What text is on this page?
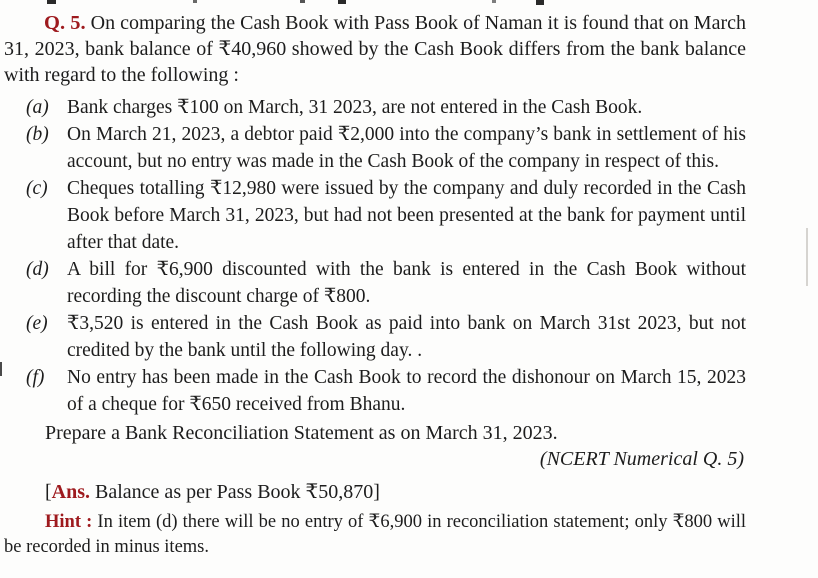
Q. 5. On comparing the Cash Book with Pass Book of Naman it is found that on March 31, 2023, bank balance of ₹40,960 showed by the Cash Book differs from the bank balance with regard to the following :

(a) Bank charges ₹100 on March, 31 2023, are not entered in the Cash Book.
(b) On March 21, 2023, a debtor paid ₹2,000 into the company’s bank in settlement of his account, but no entry was made in the Cash Book of the company in respect of this.
(c) Cheques totalling ₹12,980 were issued by the company and duly recorded in the Cash Book before March 31, 2023, but had not been presented at the bank for payment until after that date.
(d) A bill for ₹6,900 discounted with the bank is entered in the Cash Book without recording the discount charge of ₹800.
(e) ₹3,520 is entered in the Cash Book as paid into bank on March 31st 2023, but not credited by the bank until the following day. .
(f)	No entry has been made in the Cash Book to record the dishonour on March 15, 2023 of a cheque for ₹650 received from Bhanu.

Prepare a Bank Reconciliation Statement as on March 31, 2023.

(NCERT Numerical Q. 5)

[Ans. Balance as per Pass Book ₹50,870]

Hint : In item (d) there will be no entry of ₹6,900 in reconciliation statement; only ₹800 will be recorded in minus items.
